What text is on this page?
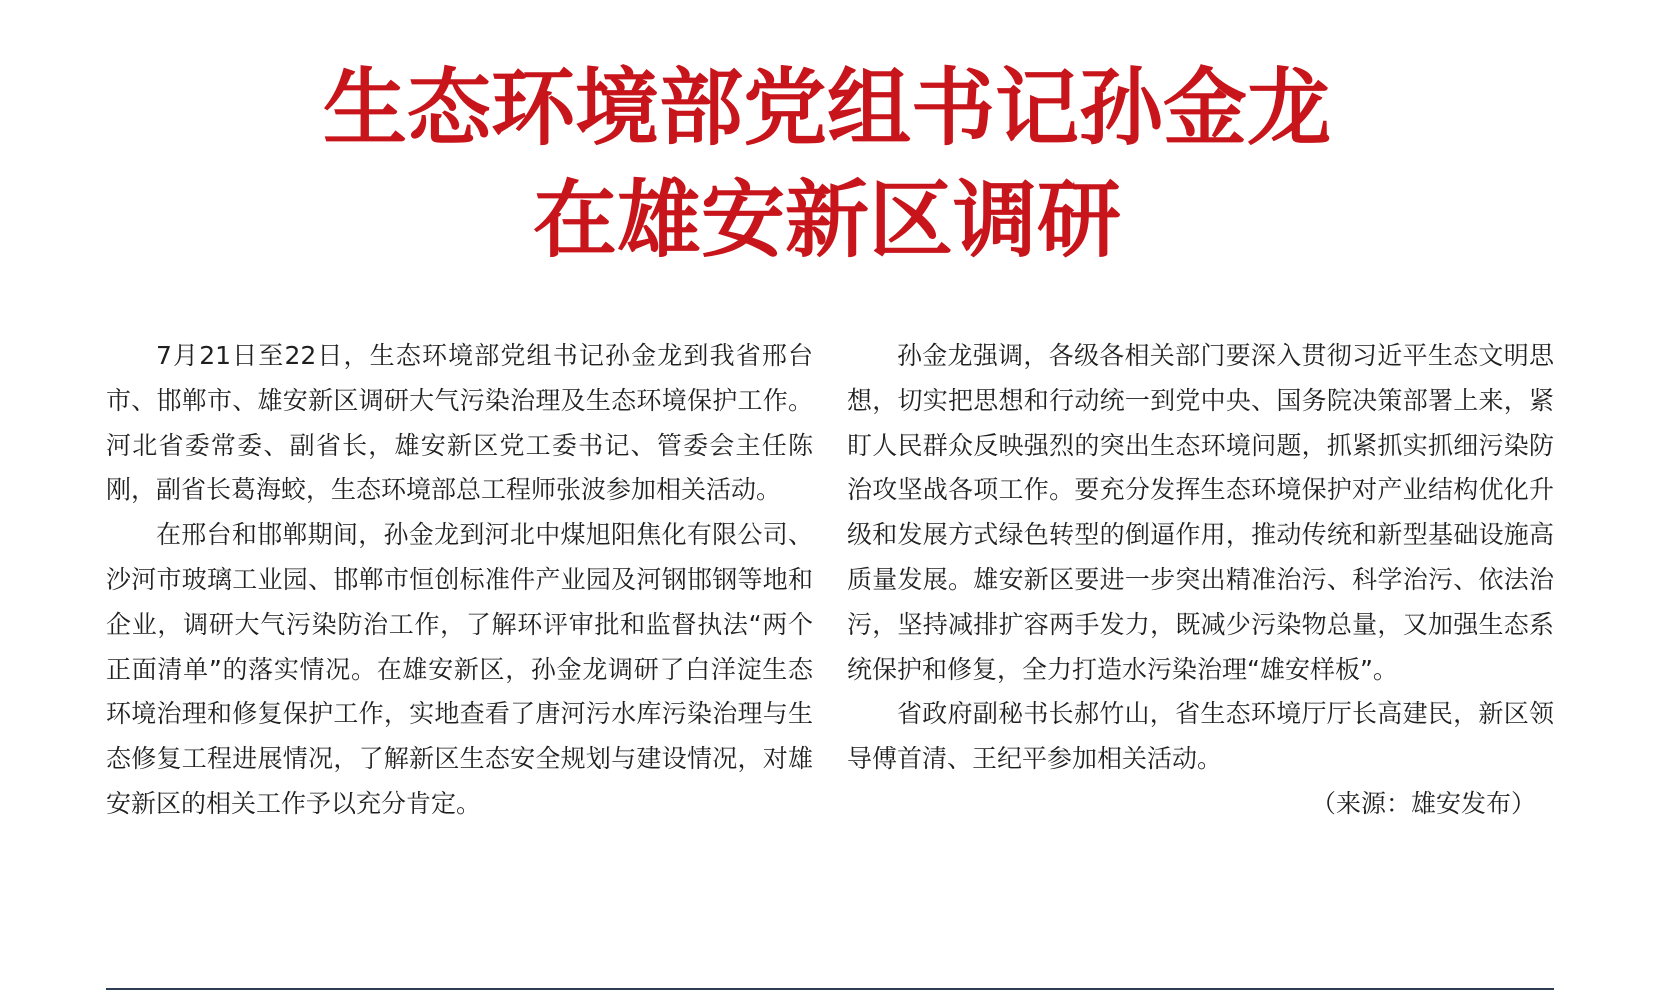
生态环境部党组书记孙金龙
在雄安新区调研

7月21日至22日，生态环境部党组书记孙金龙到我省邢台市、邯郸市、雄安新区调研大气污染治理及生态环境保护工作。河北省委常委、副省长，雄安新区党工委书记、管委会主任陈刚，副省长葛海蛟，生态环境部总工程师张波参加相关活动。

在邢台和邯郸期间，孙金龙到河北中煤旭阳焦化有限公司、沙河市玻璃工业园、邯郸市恒创标准件产业园及河钢邯钢等地和企业，调研大气污染防治工作，了解环评审批和监督执法“两个正面清单”的落实情况。在雄安新区，孙金龙调研了白洋淀生态环境治理和修复保护工作，实地查看了唐河污水库污染治理与生态修复工程进展情况，了解新区生态安全规划与建设情况，对雄安新区的相关工作予以充分肯定。

孙金龙强调，各级各相关部门要深入贯彻习近平生态文明思想，切实把思想和行动统一到党中央、国务院决策部署上来，紧盯人民群众反映强烈的突出生态环境问题，抓紧抓实抓细污染防治攻坚战各项工作。要充分发挥生态环境保护对产业结构优化升级和发展方式绿色转型的倒逼作用，推动传统和新型基础设施高质量发展。雄安新区要进一步突出精准治污、科学治污、依法治污，坚持减排扩容两手发力，既减少污染物总量，又加强生态系统保护和修复，全力打造水污染治理“雄安样板”。

省政府副秘书长郝竹山，省生态环境厅厅长高建民，新区领导傅首清、王纪平参加相关活动。

（来源：雄安发布）
